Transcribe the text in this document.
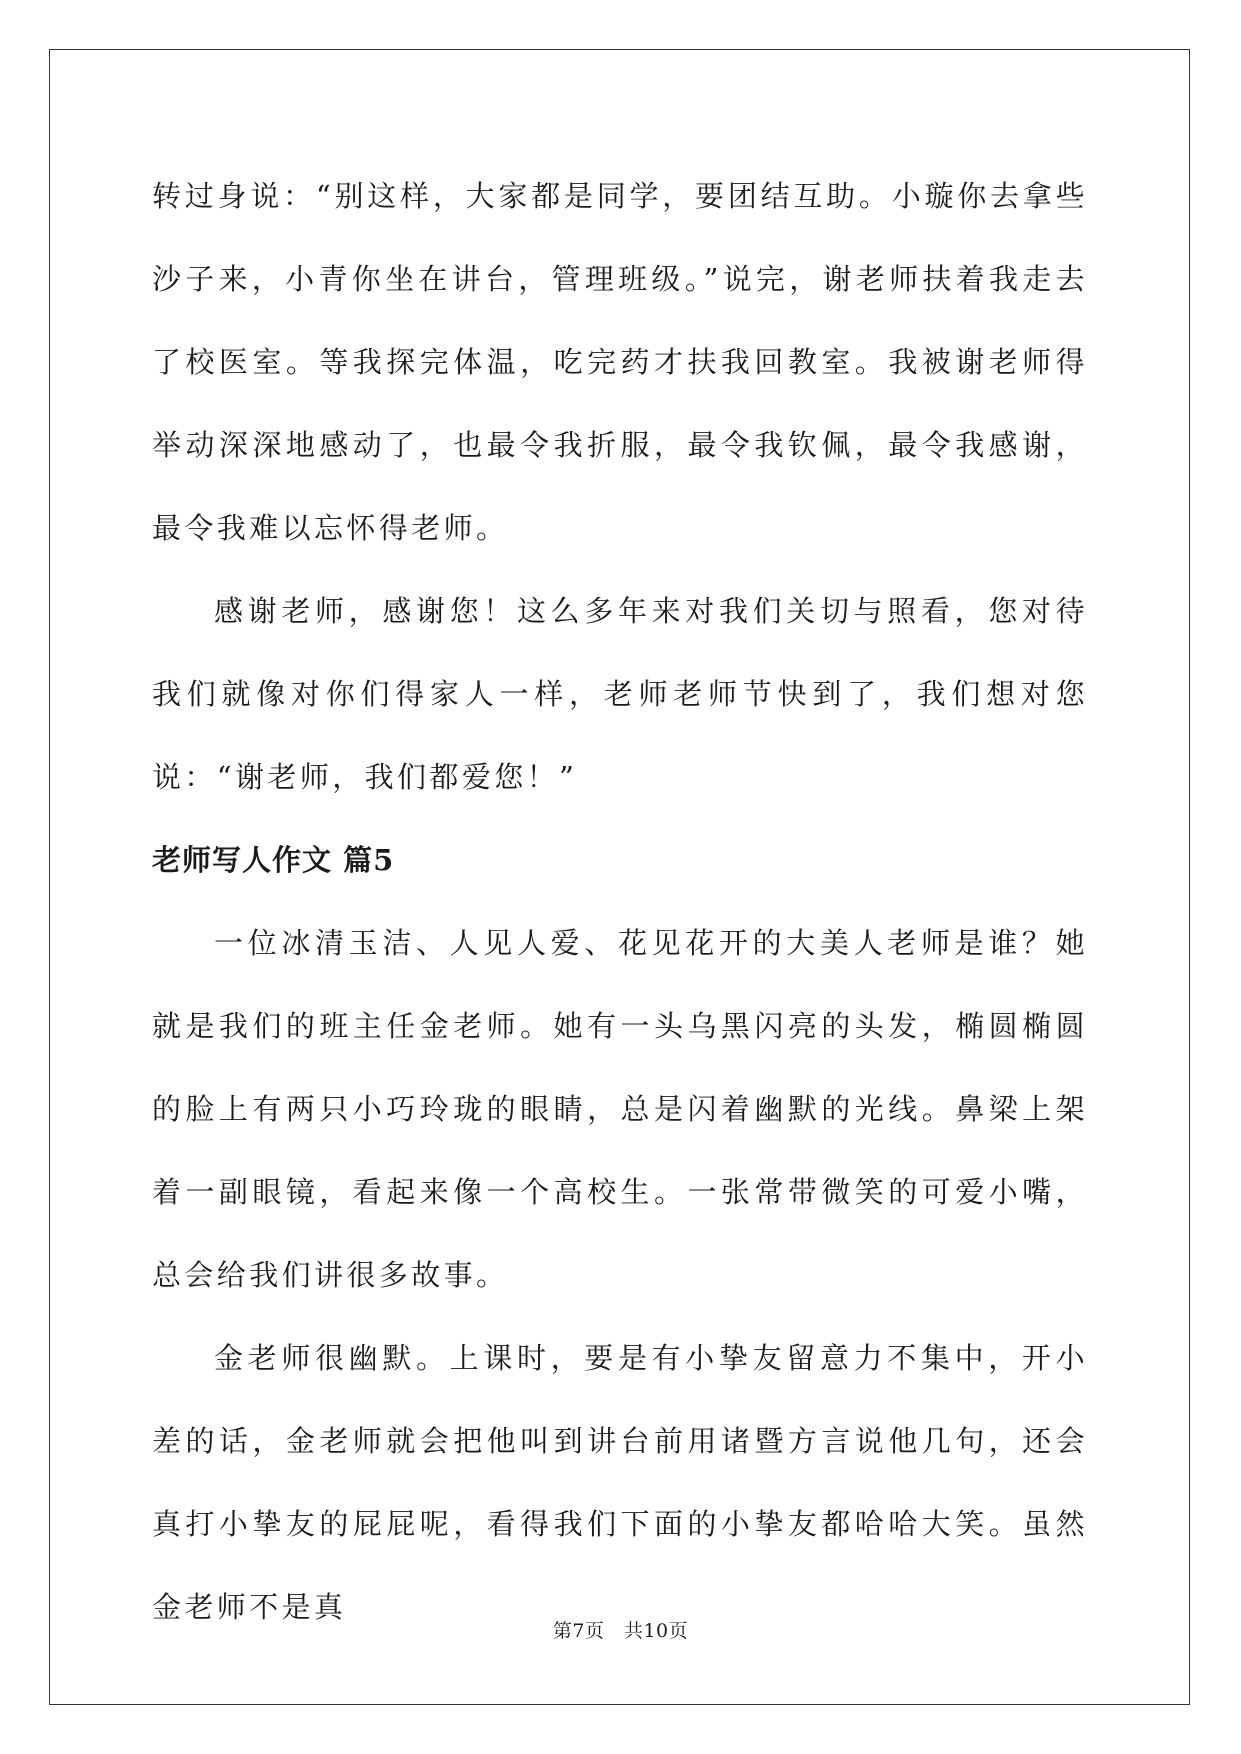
转过身说：“别这样，大家都是同学，要团结互助。小璇你去拿些沙子来，小青你坐在讲台，管理班级。”说完，谢老师扶着我走去了校医室。等我探完体温，吃完药才扶我回教室。我被谢老师得举动深深地感动了，也最令我折服，最令我钦佩，最令我感谢，最令我难以忘怀得老师。

感谢老师，感谢您！这么多年来对我们关切与照看，您对待我们就像对你们得家人一样，老师老师节快到了，我们想对您说：“谢老师，我们都爱您！”

老师写人作文 篇5

一位冰清玉洁、人见人爱、花见花开的大美人老师是谁？她就是我们的班主任金老师。她有一头乌黑闪亮的头发，椭圆椭圆的脸上有两只小巧玲珑的眼睛，总是闪着幽默的光线。鼻梁上架着一副眼镜，看起来像一个高校生。一张常带微笑的可爱小嘴，总会给我们讲很多故事。

金老师很幽默。上课时，要是有小挚友留意力不集中，开小差的话，金老师就会把他叫到讲台前用诸暨方言说他几句，还会真打小挚友的屁屁呢，看得我们下面的小挚友都哈哈大笑。虽然金老师不是真

第7页　共10页
